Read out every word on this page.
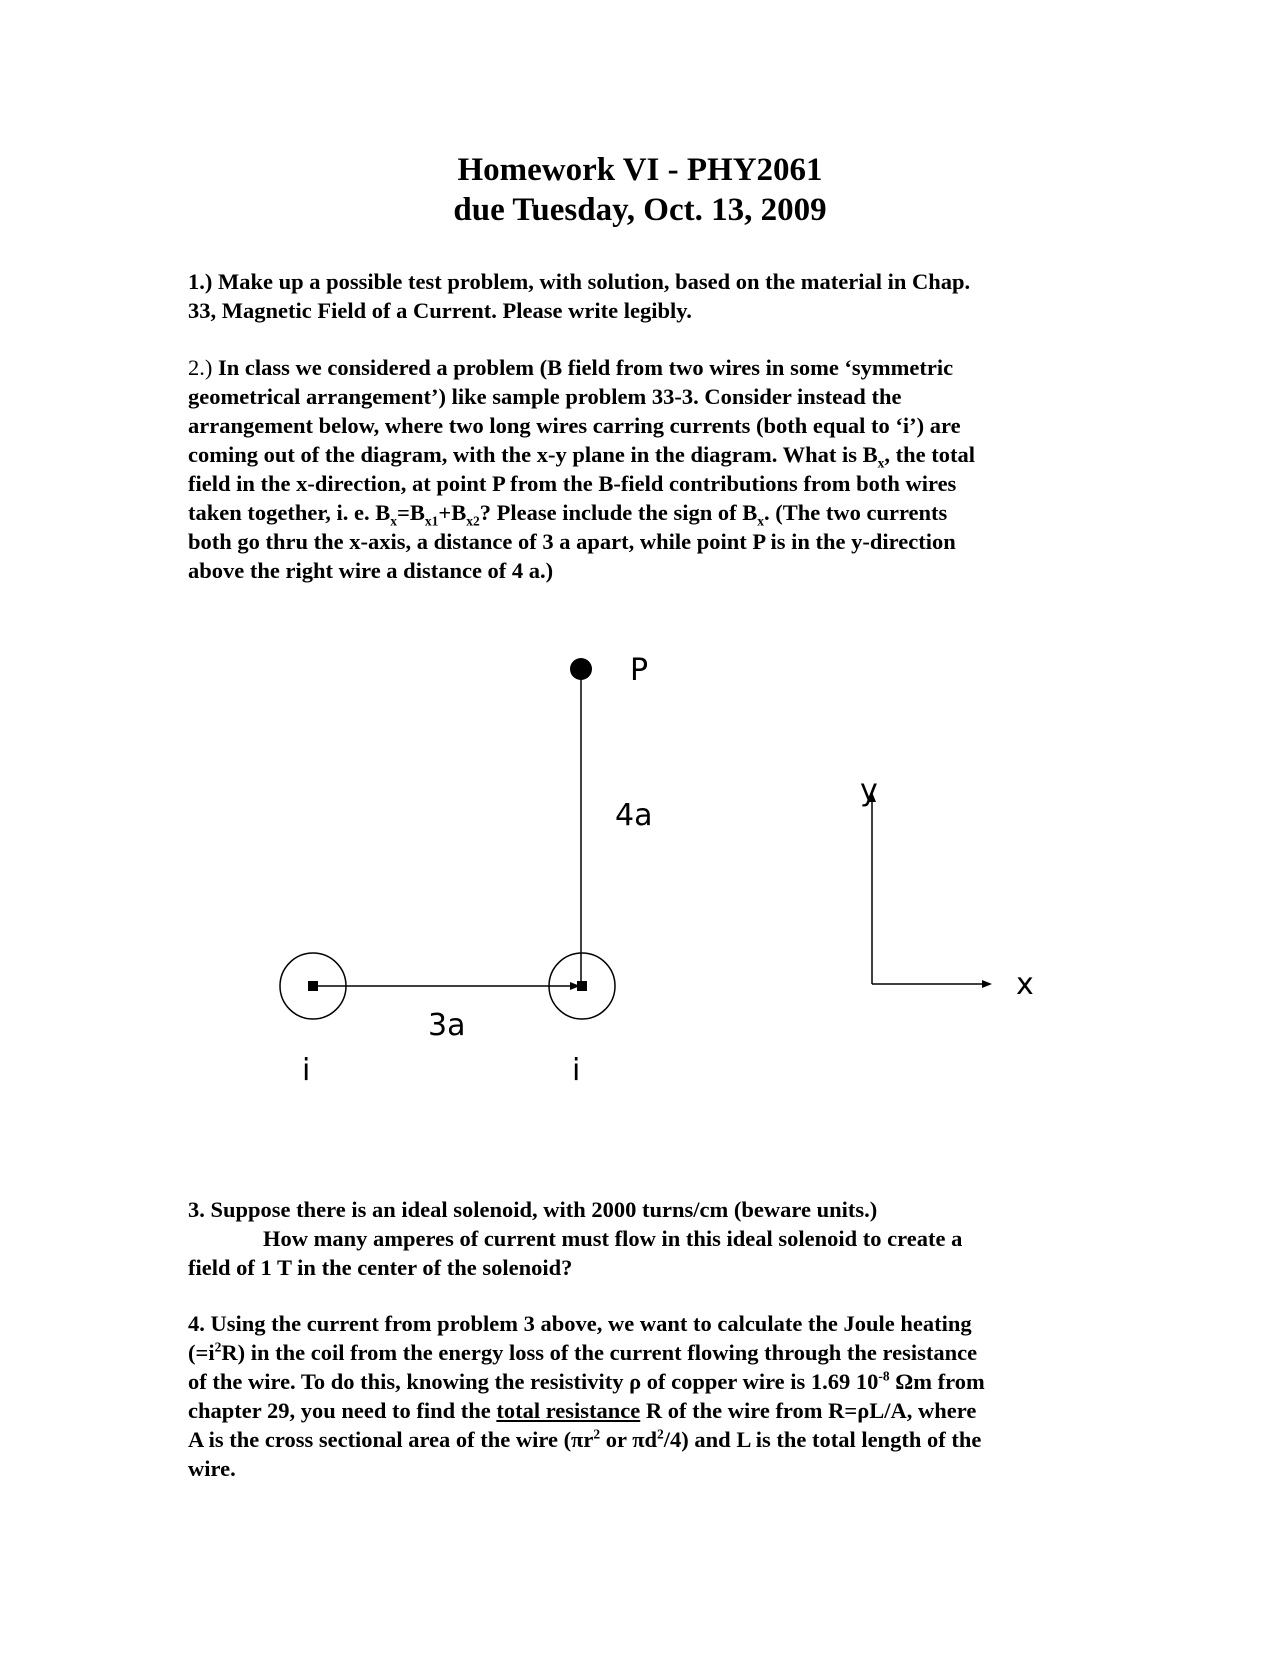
Homework VI - PHY2061
due Tuesday, Oct. 13, 2009
1.) Make up a possible test problem, with solution, based on the material in Chap.
33, Magnetic Field of a Current. Please write legibly.
2.) In class we considered a problem (B field from two wires in some ‘symmetric
geometrical arrangement’) like sample problem 33-3. Consider instead the
arrangement below, where two long wires carring currents (both equal to ‘i’) are
coming out of the diagram, with the x-y plane in the diagram. What is $B_x$, the total
field in the x-direction, at point P from the B-field contributions from both wires
taken together, i. e. $B_x=B_{x1}+B_{x2}$? Please include the sign of $B_x$. (The two currents
both go thru the x-axis, a distance of 3 a apart, while point P is in the y-direction
above the right wire a distance of 4 a.)
P
4a
3a
i	i
y
x
3. Suppose there is an ideal solenoid, with 2000 turns/cm (beware units.)
How many amperes of current must flow in this ideal solenoid to create a
field of 1 T in the center of the solenoid?
4. Using the current from problem 3 above, we want to calculate the Joule heating
$(=i^2R)$ in the coil from the energy loss of the current flowing through the resistance
of the wire. To do this, knowing the resistivity ρ of copper wire is 1.69 $10^{-8}$ Ωm from
chapter 29, you need to find the total resistance R of the wire from R=ρL/A, where
A is the cross sectional area of the wire ($\pi r^2$ or $\pi d^2/4$) and L is the total length of the
wire.
